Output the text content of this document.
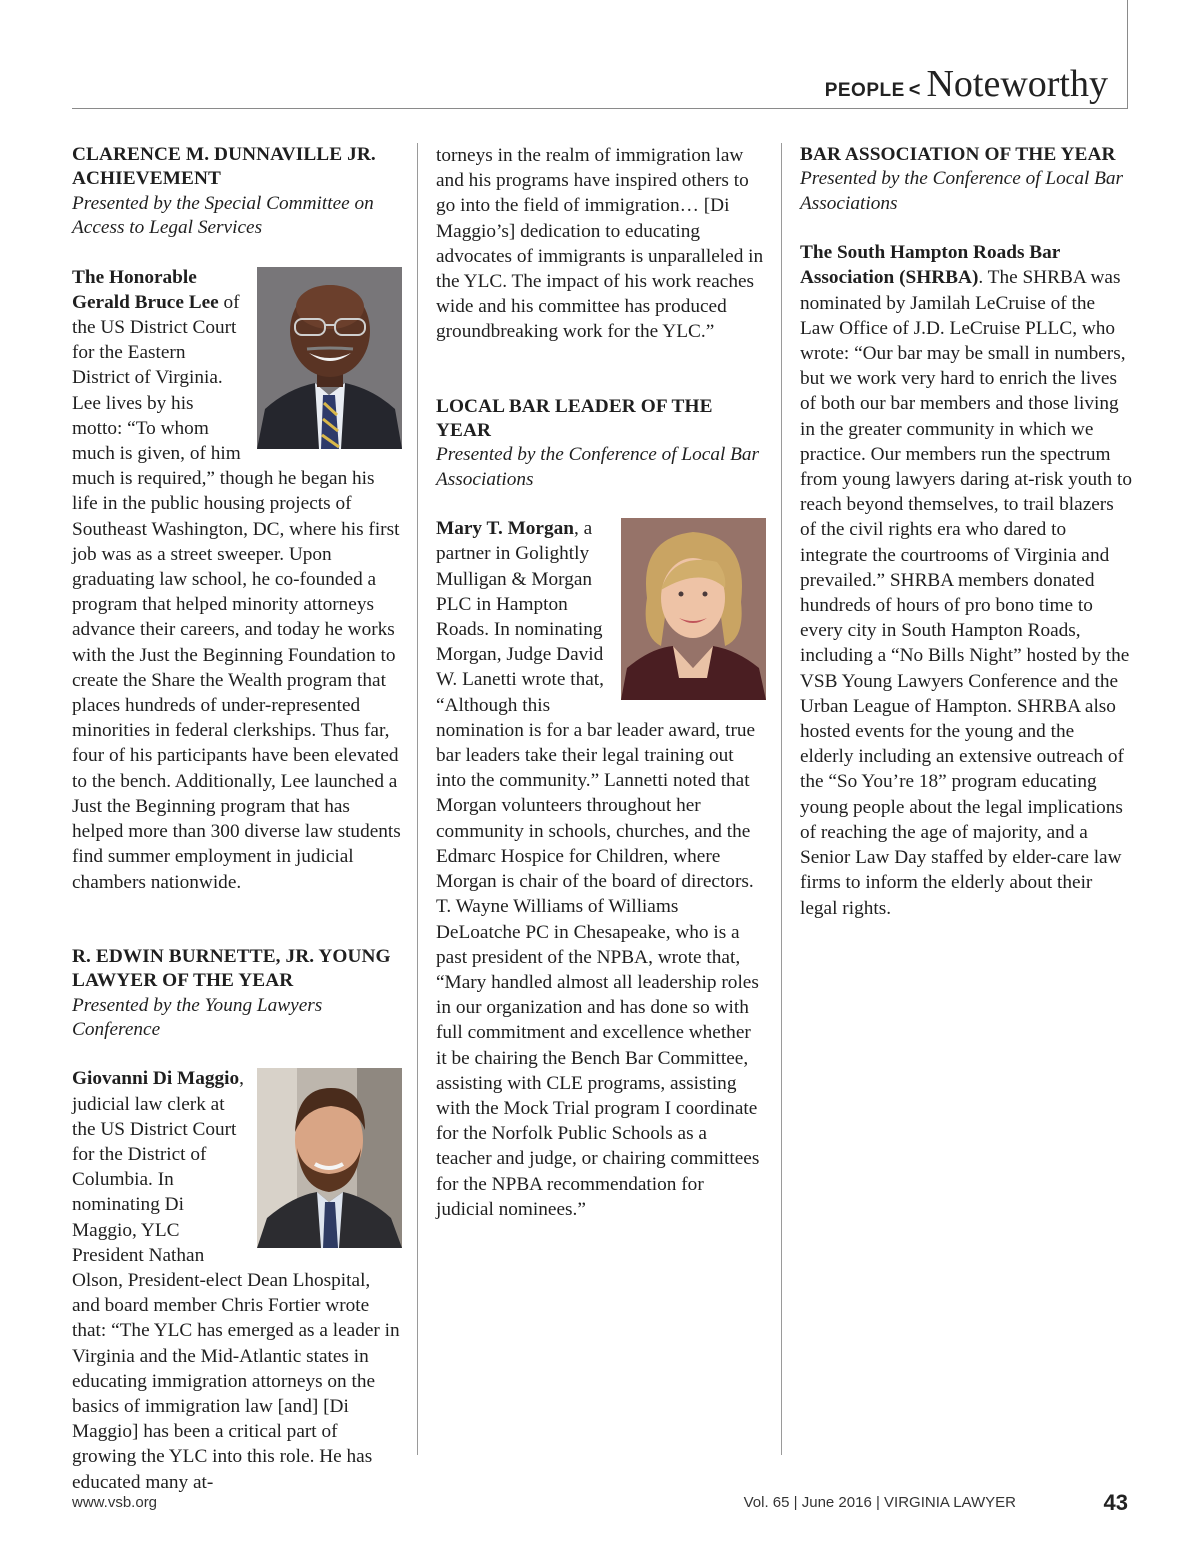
PEOPLE < Noteworthy
CLARENCE M. DUNNAVILLE JR. ACHIEVEMENT
Presented by the Special Committee on Access to Legal Services

The Honorable Gerald Bruce Lee of the US District Court for the Eastern District of Virginia. Lee lives by his motto: “To whom much is given, of him much is required,” though he began his life in the public housing projects of Southeast Washington, DC, where his first job was as a street sweeper. Upon graduating law school, he co-founded a program that helped minority attorneys advance their careers, and today he works with the Just the Beginning Foundation to create the Share the Wealth program that places hundreds of under-represented minorities in federal clerkships. Thus far, four of his participants have been elevated to the bench. Additionally, Lee launched a Just the Beginning program that has helped more than 300 diverse law students find summer employment in judicial chambers nationwide.

R. EDWIN BURNETTE, JR. YOUNG LAWYER OF THE YEAR
Presented by the Young Lawyers Conference

Giovanni Di Maggio, judicial law clerk at the US District Court for the District of Columbia. In nominating Di Maggio, YLC President Nathan Olson, President-elect Dean Lhospital, and board member Chris Fortier wrote that: “The YLC has emerged as a leader in Virginia and the Mid-Atlantic states in educating immigration attorneys on the basics of immigration law [and] [Di Maggio] has been a critical part of growing the YLC into this role. He has educated many at-

torneys in the realm of immigration law and his programs have inspired others to go into the field of immigration… [Di Maggio’s] dedication to educating advocates of immigrants is unparalleled in the YLC. The impact of his work reaches wide and his committee has produced groundbreaking work for the YLC.”

LOCAL BAR LEADER OF THE YEAR
Presented by the Conference of Local Bar Associations

Mary T. Morgan, a partner in Golightly Mulligan & Morgan PLC in Hampton Roads. In nominating Morgan, Judge David W. Lanetti wrote that, “Although this nomination is for a bar leader award, true bar leaders take their legal training out into the community.” Lannetti noted that Morgan volunteers throughout her community in schools, churches, and the Edmarc Hospice for Children, where Morgan is chair of the board of directors. T. Wayne Williams of Williams DeLoatche PC in Chesapeake, who is a past president of the NPBA, wrote that, “Mary handled almost all leadership roles in our organization and has done so with full commitment and excellence whether it be chairing the Bench Bar Committee, assisting with CLE programs, assisting with the Mock Trial program I coordinate for the Norfolk Public Schools as a teacher and judge, or chairing committees for the NPBA recommendation for judicial nominees.”

BAR ASSOCIATION OF THE YEAR
Presented by the Conference of Local Bar Associations

The South Hampton Roads Bar Association (SHRBA). The SHRBA was nominated by Jamilah LeCruise of the Law Office of J.D. LeCruise PLLC, who wrote: “Our bar may be small in numbers, but we work very hard to enrich the lives of both our bar members and those living in the greater community in which we practice. Our members run the spectrum from young lawyers daring at-risk youth to reach beyond themselves, to trail blazers of the civil rights era who dared to integrate the courtrooms of Virginia and prevailed.” SHRBA members donated hundreds of hours of pro bono time to every city in South Hampton Roads, including a “No Bills Night” hosted by the VSB Young Lawyers Conference and the Urban League of Hampton. SHRBA also hosted events for the young and the elderly including an extensive outreach of the “So You’re 18” program educating young people about the legal implications of reaching the age of majority, and a Senior Law Day staffed by elder-care law firms to inform the elderly about their legal rights.

www.vsb.org	Vol. 65 | June 2016 | VIRGINIA LAWYER	43
